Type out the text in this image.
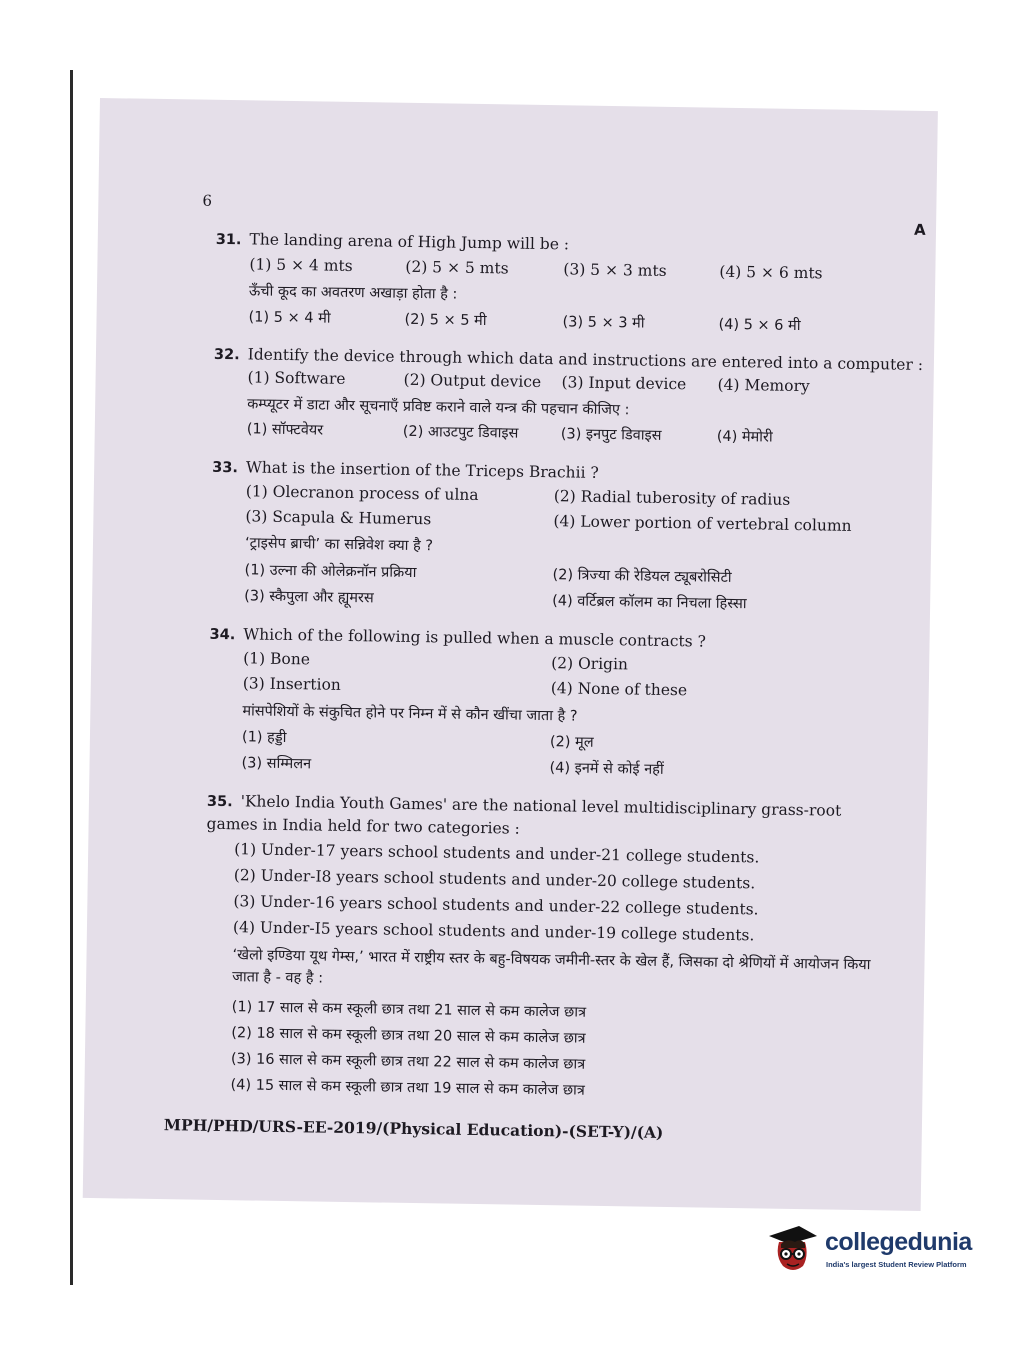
6
A
31. The landing arena of High Jump will be :
(1) 5 × 4 mts	(2) 5 × 5 mts	(3) 5 × 3 mts	(4) 5 × 6 mts
ऊँची कूद का अवतरण अखाड़ा होता है :
(1) 5 × 4 मी	(2) 5 × 5 मी	(3) 5 × 3 मी	(4) 5 × 6 मी
32. Identify the device through which data and instructions are entered into a computer :
(1) Software	(2) Output device (3) Input device (4) Memory
कम्प्यूटर में डाटा और सूचनाएँ प्रविष्ट कराने वाले यन्त्र की पहचान कीजिए :
(1) सॉफ्टवेयर	(2) आउटपुट डिवाइस	(3) इनपुट डिवाइस	(4) मेमोरी
33. What is the insertion of the Triceps Brachii ?
(1) Olecranon process of ulna	(2) Radial tuberosity of radius
(3) Scapula & Humerus	(4) Lower portion of vertebral column
‘ट्राइसेप ब्राची’ का सन्निवेश क्या है ?
(1) उल्ना की ओलेक्रनॉन प्रक्रिया	(2) त्रिज्या की रेडियल ट्यूबरोसिटी
(3) स्कैपुला और ह्यूमरस	(4) वर्टिब्रल कॉलम का निचला हिस्सा
34. Which of the following is pulled when a muscle contracts ?
(1) Bone	(2) Origin
(3) Insertion	(4) None of these
मांसपेशियों के संकुचित होने पर निम्न में से कौन खींचा जाता है ?
(1) हड्डी	(2) मूल
(3) सम्मिलन	(4) इनमें से कोई नहीं
35. 'Khelo India Youth Games' are the national level multidisciplinary grass-root games in India held for two categories :
(1) Under-17 years school students and under-21 college students.
(2) Under-I8 years school students and under-20 college students.
(3) Under-16 years school students and under-22 college students.
(4) Under-I5 years school students and under-19 college students.
‘खेलो इण्डिया यूथ गेम्स,’ भारत में राष्ट्रीय स्तर के बहु-विषयक जमीनी-स्तर के खेल हैं, जिसका दो श्रेणियों में आयोजन किया जाता है - वह है :
(1) 17 साल से कम स्कूली छात्र तथा 21 साल से कम कालेज छात्र
(2) 18 साल से कम स्कूली छात्र तथा 20 साल से कम कालेज छात्र
(3) 16 साल से कम स्कूली छात्र तथा 22 साल से कम कालेज छात्र
(4) 15 साल से कम स्कूली छात्र तथा 19 साल से कम कालेज छात्र
MPH/PHD/URS-EE-2019/(Physical Education)-(SET-Y)/(A)
collegedunia
India's largest Student Review Platform
